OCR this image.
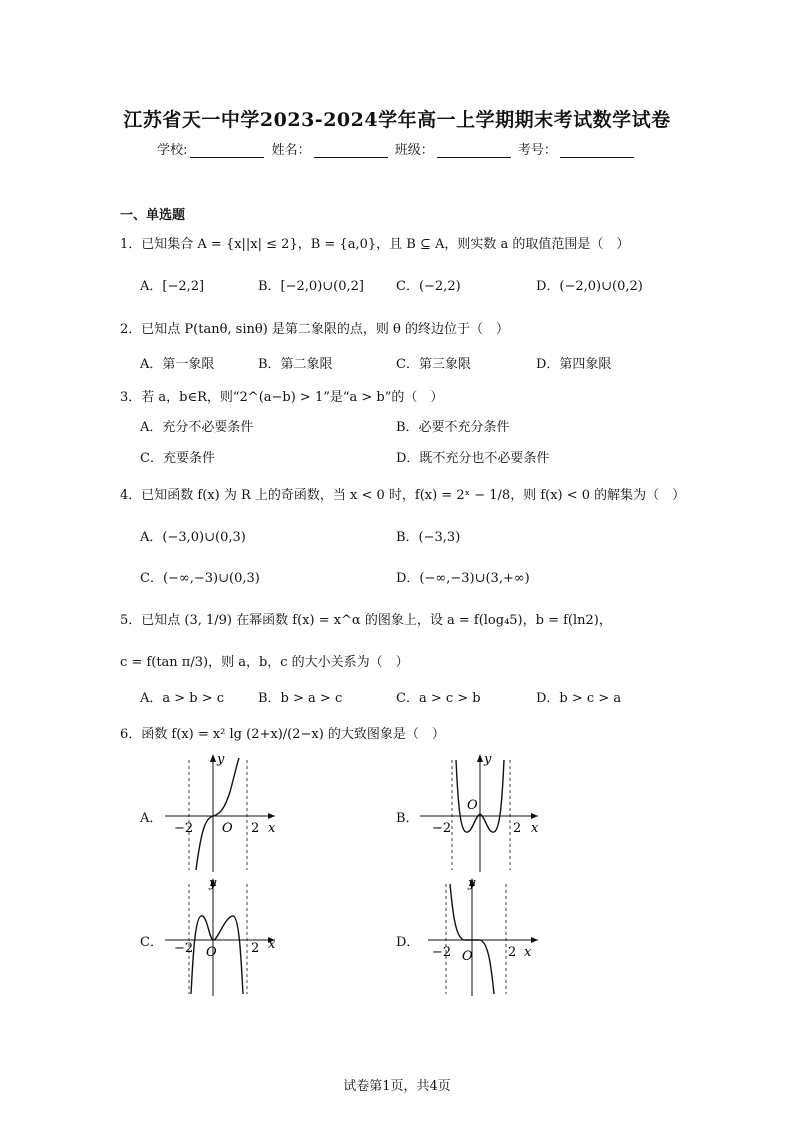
江苏省天一中学2023-2024学年高一上学期期末考试数学试卷
学校:	姓名：	班级：	考号：
一、单选题
1．已知集合 A = {x||x| ≤ 2}，B = {a,0}，且 B ⊆ A，则实数 a 的取值范围是（　）
A．[−2,2]	B．[−2,0)∪(0,2] C．(−2,2)	D．(−2,0)∪(0,2)
2．已知点 P(tanθ, sinθ) 是第二象限的点，则 θ 的终边位于（　）
A．第一象限	B．第二象限	C．第三象限	D．第四象限
3．若 a，b∈R，则“2^(a−b) > 1”是“a > b”的（　）
A．充分不必要条件	B．必要不充分条件
C．充要条件	D．既不充分也不必要条件
4．已知函数 f(x) 为 R 上的奇函数，当 x < 0 时，f(x) = 2ˣ − 1/8，则 f(x) < 0 的解集为（　）
A．(−3,0)∪(0,3)	B．(−3,3)
C．(−∞,−3)∪(0,3)	D．(−∞,−3)∪(3,+∞)
5．已知点 (3, 1/9) 在幂函数 f(x) = x^α 的图象上，设 a = f(log₄5)，b = f(ln2)，
c = f(tan π/3)，则 a，b，c 的大小关系为（　）
A．a > b > c	B．b > a > c	C．a > c > b	D．b > c > a
6．函数 f(x) = x² lg (2+x)/(2−x) 的大致图象是（　）
A．	B．
C．	D．
y
x
O
−2	2
y
x
O
−2	2
y
x
O
−2	2
y
x
O
−2	2
试卷第1页，共4页
